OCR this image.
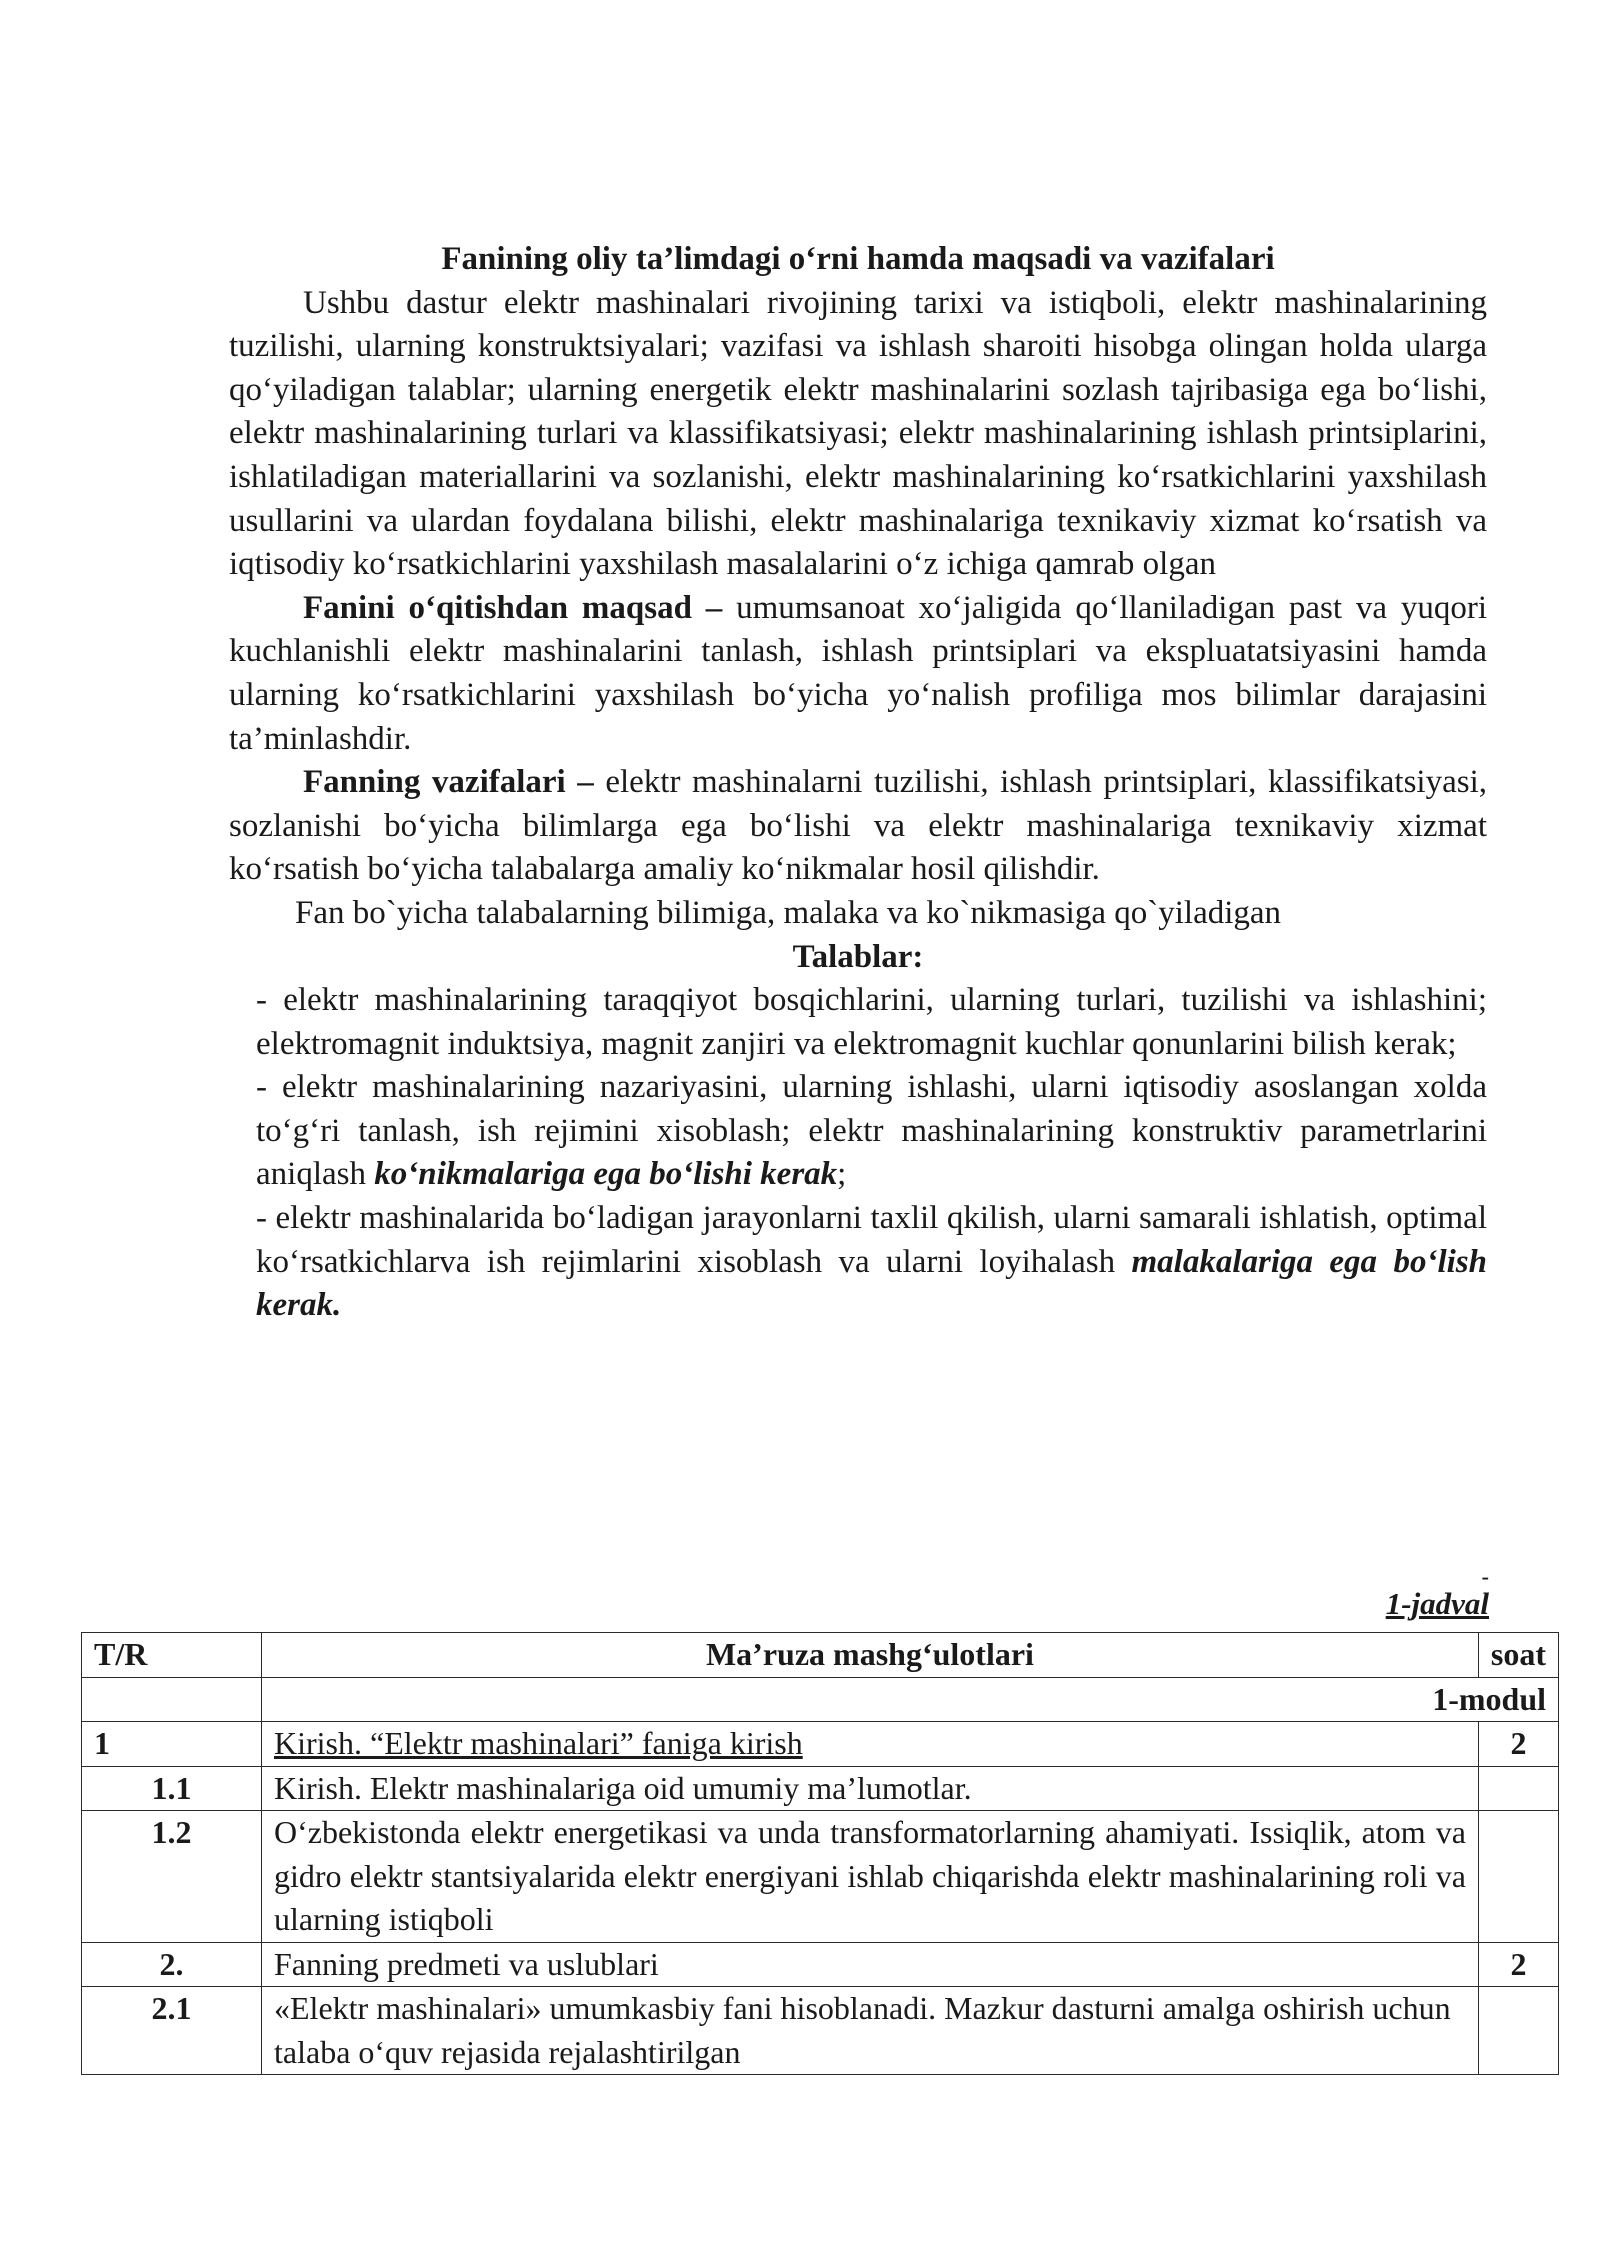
Fanining oliy ta’limdagi o‘rni hamda maqsadi va vazifalari

Ushbu dastur elektr mashinalari rivojining tarixi va istiqboli, elektr mashinalarining tuzilishi, ularning konstruktsiyalari; vazifasi va ishlash sharoiti hisobga olingan holda ularga qo‘yiladigan talablar; ularning energetik elektr mashinalarini sozlash tajribasiga ega bo‘lishi, elektr mashinalarining turlari va klassifikatsiyasi; elektr mashinalarining ishlash printsiplarini, ishlatiladigan materiallarini va sozlanishi, elektr mashinalarining ko‘rsatkichlarini yaxshilash usullarini va ulardan foydalana bilishi, elektr mashinalariga texnikaviy xizmat ko‘rsatish va iqtisodiy ko‘rsatkichlarini yaxshilash masalalarini o‘z ichiga qamrab olgan

Fanini o‘qitishdan maqsad – umumsanoat xo‘jaligida qo‘llaniladigan past va yuqori kuchlanishli elektr mashinalarini tanlash, ishlash printsiplari va ekspluatatsiyasini hamda ularning ko‘rsatkichlarini yaxshilash bo‘yicha yo‘nalish profiliga mos bilimlar darajasini ta’minlashdir.

Fanning vazifalari – elektr mashinalarni tuzilishi, ishlash printsiplari, klassifikatsiyasi, sozlanishi bo‘yicha bilimlarga ega bo‘lishi va elektr mashinalariga texnikaviy xizmat ko‘rsatish bo‘yicha talabalarga amaliy ko‘nikmalar hosil qilishdir.

Fan bo`yicha talabalarning bilimiga, malaka va ko`nikmasiga qo`yiladigan

Talablar:

- elektr mashinalarining taraqqiyot bosqichlarini, ularning turlari, tuzilishi va ishlashini; elektromagnit induktsiya, magnit zanjiri va elektromagnit kuchlar qonunlarini bilish kerak;

- elektr mashinalarining nazariyasini, ularning ishlashi, ularni iqtisodiy asoslangan xolda to‘g‘ri tanlash, ish rejimini xisoblash; elektr mashinalarining konstruktiv parametrlarini aniqlash ko‘nikmalariga ega bo‘lishi kerak;

- elektr mashinalarida bo‘ladigan jarayonlarni taxlil qkilish, ularni samarali ishlatish, optimal ko‘rsatkichlarva ish rejimlarini xisoblash va ularni loyihalash malakalariga ega bo‘lish kerak.

-
1-jadval
T/R	Ma’ruza mashg‘ulotlari	soat
	1-modul	
1	Kirish. “Elektr mashinalari” faniga kirish	2
1.1	Kirish. Elektr mashinalariga oid umumiy ma’lumotlar.	
1.2	O‘zbekistonda elektr energetikasi va unda transformatorlarning ahamiyati. Issiqlik, atom va gidro elektr stantsiyalarida elektr energiyani ishlab chiqarishda elektr mashinalarining roli va ularning istiqboli	
2.	Fanning predmeti va uslublari	2
2.1	«Elektr mashinalari» umumkasbiy fani hisoblanadi. Mazkur dasturni amalga oshirish uchun talaba o‘quv rejasida rejalashtirilgan	
